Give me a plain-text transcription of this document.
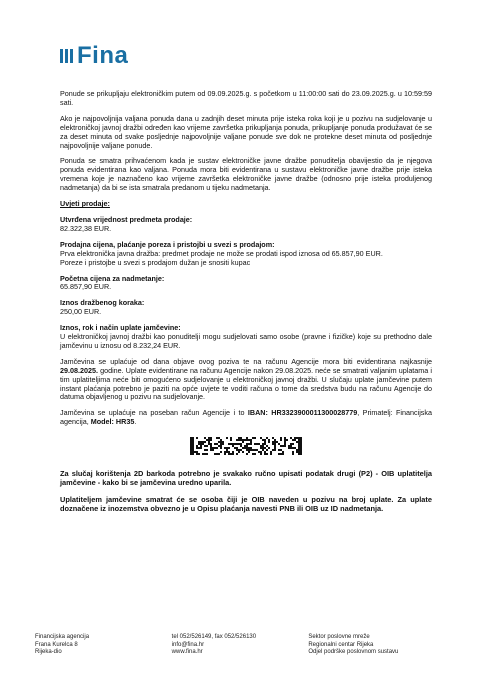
Fina

Ponude se prikupljaju elektroničkim putem od 09.09.2025.g. s početkom u 11:00:00 sati do 23.09.2025.g. u 10:59:59 sati.

Ako je najpovoljnija valjana ponuda dana u zadnjih deset minuta prije isteka roka koji je u pozivu na sudjelovanje u elektroničkoj javnoj dražbi određen kao vrijeme završetka prikupljanja ponuda, prikupljanje ponuda produžavat će se za deset minuta od svake posljednje najpovoljnije valjane ponude sve dok ne protekne deset minuta od posljednje najpovoljnije valjane ponude.

Ponuda se smatra prihvaćenom kada je sustav elektroničke javne dražbe ponuditelja obavijestio da je njegova ponuda evidentirana kao valjana. Ponuda mora biti evidentirana u sustavu elektroničke javne dražbe prije isteka vremena koje je naznačeno kao vrijeme završetka elektroničke javne dražbe (odnosno prije isteka produljenog nadmetanja) da bi se ista smatrala predanom u tijeku nadmetanja.

Uvjeti prodaje:

Utvrđena vrijednost predmeta prodaje:
82.322,38 EUR.
Prodajna cijena, plaćanje poreza i pristojbi u svezi s prodajom:
Prva elektronička javna dražba: predmet prodaje ne može se prodati ispod iznosa od 65.857,90 EUR.
Poreze i pristojbe u svezi s prodajom dužan je snositi kupac
Početna cijena za nadmetanje:
65.857,90 EUR.
Iznos dražbenog koraka:
250,00 EUR.
Iznos, rok i način uplate jamčevine:
U elektroničkoj javnoj dražbi kao ponuditelji mogu sudjelovati samo osobe (pravne i fizičke) koje su prethodno dale jamčevinu u iznosu od 8.232,24 EUR.

Jamčevina se uplaćuje od dana objave ovog poziva te na računu Agencije mora biti evidentirana najkasnije 29.08.2025. godine. Uplate evidentirane na računu Agencije nakon 29.08.2025. neće se smatrati valjanim uplatama i tim uplatiteljima neće biti omogućeno sudjelovanje u elektroničkoj javnoj dražbi. U slučaju uplate jamčevine putem instant plaćanja potrebno je paziti na opće uvjete te voditi računa o tome da sredstva budu na računu Agencije do datuma objavljenog u pozivu na sudjelovanje.

Jamčevina se uplaćuje na poseban račun Agencije i to IBAN: HR3323900011300028779, Primatelj: Financijska agencija, Model: HR35.

Za slučaj korištenja 2D barkoda potrebno je svakako ručno upisati podatak drugi (P2) - OIB uplatitelja jamčevine - kako bi se jamčevina uredno uparila.

Uplatiteljem jamčevine smatrat će se osoba čiji je OIB naveden u pozivu na broj uplate. Za uplate doznačene iz inozemstva obvezno je u Opisu plaćanja navesti PNB ili OIB uz ID nadmetanja.

Financijska agencija
Frana Kurelca 8
Rijeka-dio
tel 052/526149, fax 052/526130
info@fina.hr
www.fina.hr
Sektor poslovne mreže
Regionalni centar Rijeka
Odjel podrške poslovnom sustavu
